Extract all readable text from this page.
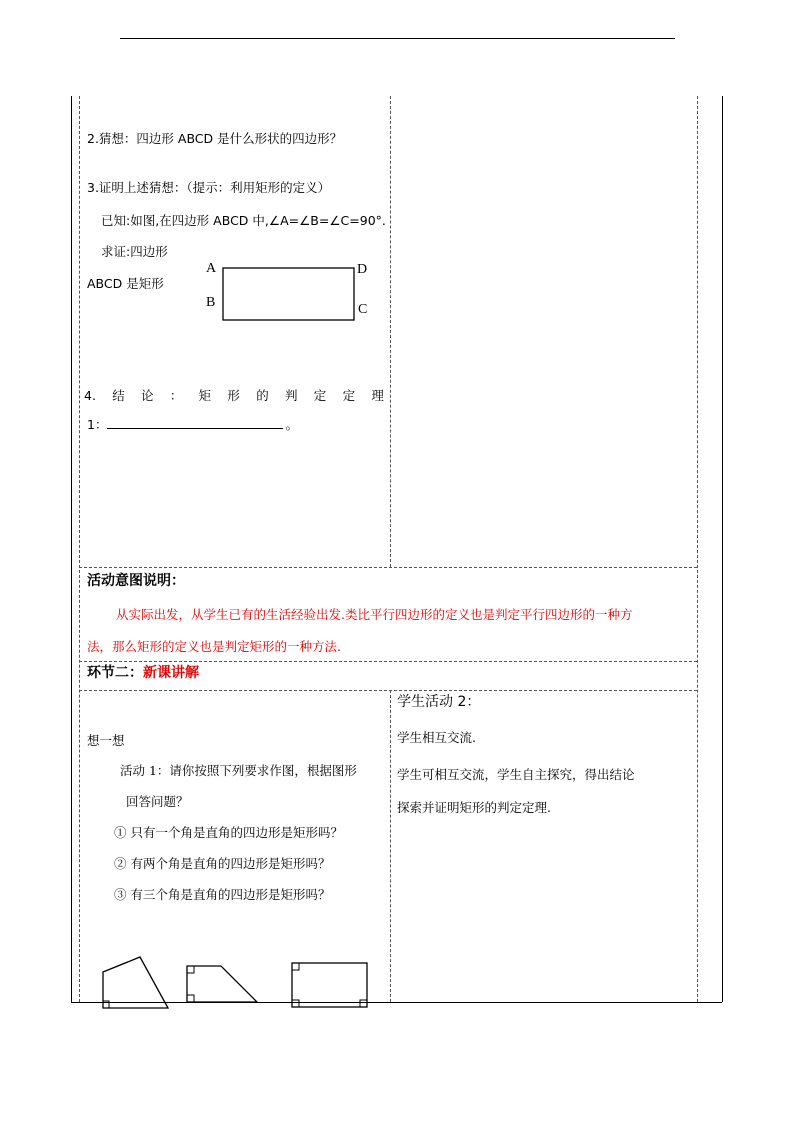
2.猜想：四边形 ABCD 是什么形状的四边形？
3.证明上述猜想：（提示：利用矩形的定义）
已知:如图,在四边形 ABCD 中,∠A=∠B=∠C=90°.
求证:四边形
ABCD 是矩形
A
B	C
D
4. 结 论 ： 矩 形 的 判 定 定 理
1：	。
活动意图说明：
从实际出发，从学生已有的生活经验出发.类比平行四边形的定义也是判定平行四边形的一种方
法，那么矩形的定义也是判定矩形的一种方法.
环节二：新课讲解
想一想
活动 1：请你按照下列要求作图，根据图形
回答问题？
① 只有一个角是直角的四边形是矩形吗？
② 有两个角是直角的四边形是矩形吗？
③ 有三个角是直角的四边形是矩形吗？
学生活动 2：
学生相互交流.
学生可相互交流，学生自主探究，得出结论
探索并证明矩形的判定定理.
